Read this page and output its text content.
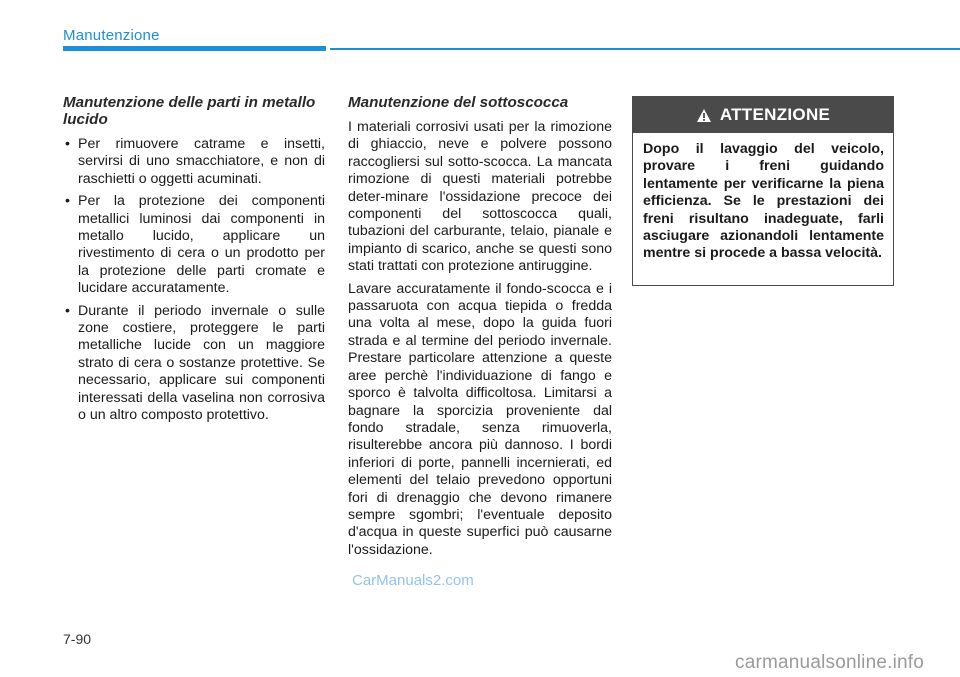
Manutenzione
Manutenzione delle parti in metallo lucido
• Per rimuovere catrame e insetti, servirsi di uno smacchiatore, e non di raschietti o oggetti acuminati.
• Per la protezione dei componenti metallici luminosi dai componenti in metallo lucido, applicare un rivestimento di cera o un prodotto per la protezione delle parti cromate e lucidare accuratamente.
• Durante il periodo invernale o sulle zone costiere, proteggere le parti metalliche lucide con un maggiore strato di cera o sostanze protettive. Se necessario, applicare sui componenti interessati della vaselina non corrosiva o un altro composto protettivo.
Manutenzione del sottoscocca

I materiali corrosivi usati per la rimozione di ghiaccio, neve e polvere possono raccogliersi sul sotto-scocca. La mancata rimozione di questi materiali potrebbe deter-minare l'ossidazione precoce dei componenti del sottoscocca quali, tubazioni del carburante, telaio, pianale e impianto di scarico, anche se questi sono stati trattati con protezione antiruggine.

Lavare accuratamente il fondo-scocca e i passaruota con acqua tiepida o fredda una volta al mese, dopo la guida fuori strada e al termine del periodo invernale. Prestare particolare attenzione a queste aree perchè l'individuazione di fango e sporco è talvolta difficoltosa. Limitarsi a bagnare la sporcizia proveniente dal fondo stradale, senza rimuoverla, risulterebbe ancora più dannoso. I bordi inferiori di porte, pannelli incernierati, ed elementi del telaio prevedono opportuni fori di drenaggio che devono rimanere sempre sgombri; l'eventuale deposito d'acqua in queste superfici può causarne l'ossidazione.

ATTENZIONE
Dopo il lavaggio del veicolo, provare i freni guidando lentamente per verificarne la piena efficienza. Se le prestazioni dei freni risultano inadeguate, farli asciugare azionandoli lentamente mentre si procede a bassa velocità.
CarManuals2.com
7-90
carmanualsonline.info
